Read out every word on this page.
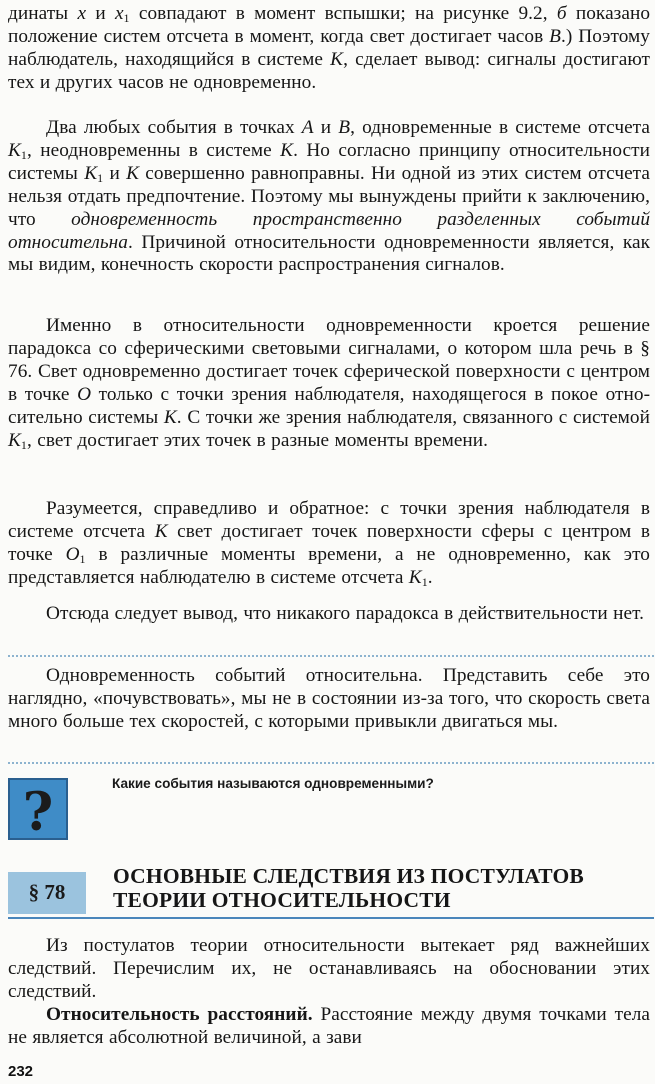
динаты x и $x_1$ совпадают в момент вспышки; на рисунке 9.2, б показано положение систем отсчета в момент, когда свет достигает часов B.) Поэтому наблюдатель, находящийся в системе K, сделает вывод: сигналы достигают тех и других часов не одновременно.

Два любых события в точках A и B, одновременные в системе отсчета $K_1$, неодновременны в системе K. Но согласно принципу относительности системы $K_1$ и K совершенно равноправны. Ни одной из этих систем отсчета нельзя отдать предпочтение. Поэтому мы вынуждены прийти к заключению, что одновременность пространственно разделенных событий относительна. Причиной относительности одновременности является, как мы видим, конечность скорости распространения сигналов.

Именно в относительности одновременности кроется решение парадокса со сферическими световыми сигналами, о котором шла речь в § 76. Свет одновременно достигает точек сферической поверхности с центром в точке O только с точки зрения наблюдателя, находящегося в покое относительно системы K. С точки же зрения наблюдателя, связанного с системой $K_1$, свет достигает этих точек в разные моменты времени.

Разумеется, справедливо и обратное: с точки зрения наблюдателя в системе отсчета K свет достигает точек поверхности сферы с центром в точке $O_1$ в различные моменты времени, а не одновременно, как это представляется наблюдателю в системе отсчета $K_1$.

Отсюда следует вывод, что никакого парадокса в действительности нет.

Одновременность событий относительна. Представить себе это наглядно, «почувствовать», мы не в состоянии из-за того, что скорость света много больше тех скоростей, с которыми привыкли двигаться мы.

?	Какие события называются одновременными?
§ 78
ОСНОВНЫЕ СЛЕДСТВИЯ ИЗ ПОСТУЛАТОВ
ТЕОРИИ ОТНОСИТЕЛЬНОСТИ

Из постулатов теории относительности вытекает ряд важнейших следствий. Перечислим их, не останавливаясь на обосновании этих следствий.

Относительность расстояний. Расстояние между двумя точками тела не является абсолютной величиной, а зави

232
